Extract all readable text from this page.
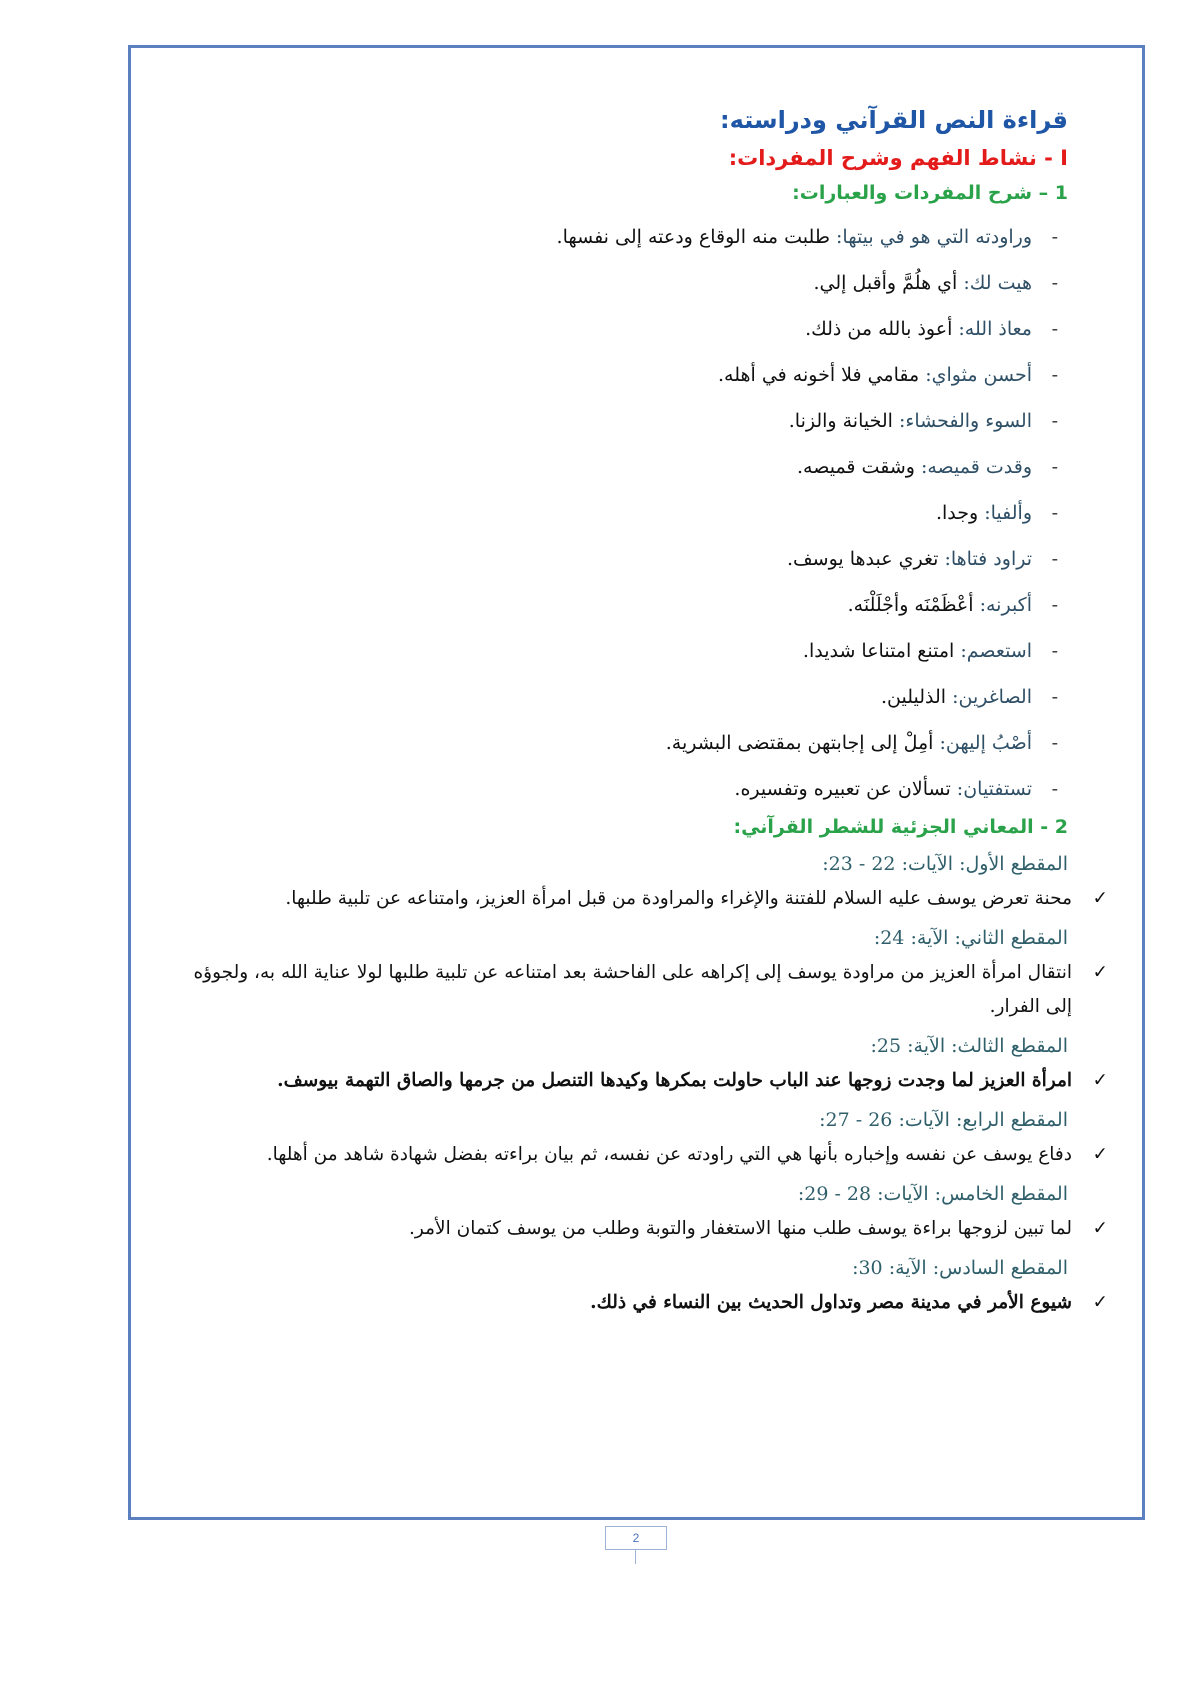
قراءة النص القرآني ودراسته:
I - نشاط الفهم وشرح المفردات:
1 – شرح المفردات والعبارات:
-
وراودته التي هو في بيتها: طلبت منه الوقاع ودعته إلى نفسها.
-
هيت لك: أي هلُمَّ وأقبل إلي.
-
معاذ الله: أعوذ بالله من ذلك.
-
أحسن مثواي: مقامي فلا أخونه في أهله.
-
السوء والفحشاء: الخيانة والزنا.
-
وقدت قميصه: وشقت قميصه.
-
وألفيا: وجدا.
-
تراود فتاها: تغري عبدها يوسف.
-
أكبرنه: أعْظَمْنَه وأجْلَلْنَه.
-
استعصم: امتنع امتناعا شديدا.
-
الصاغرين: الذليلين.
-
أصْبُ إليهن: أمِلْ إلى إجابتهن بمقتضى البشرية.
-
تستفتيان: تسألان عن تعبيره وتفسيره.
2 - المعاني الجزئية للشطر القرآني:
المقطع الأول: الآيات: 22 - 23:
✓
محنة تعرض يوسف عليه السلام للفتنة والإغراء والمراودة من قبل امرأة العزيز، وامتناعه عن تلبية طلبها.
المقطع الثاني: الآية: 24:
✓
انتقال امرأة العزيز من مراودة يوسف إلى إكراهه على الفاحشة بعد امتناعه عن تلبية طلبها لولا عناية الله به، ولجوؤه إلى الفرار.
المقطع الثالث: الآية: 25:
✓
امرأة العزيز لما وجدت زوجها عند الباب حاولت بمكرها وكيدها التنصل من جرمها والصاق التهمة بيوسف.
المقطع الرابع: الآيات: 26 - 27:
✓
دفاع يوسف عن نفسه وإخباره بأنها هي التي راودته عن نفسه، ثم بيان براءته بفضل شهادة شاهد من أهلها.
المقطع الخامس: الآيات: 28 - 29:
✓
لما تبين لزوجها براءة يوسف طلب منها الاستغفار والتوبة وطلب من يوسف كتمان الأمر.
المقطع السادس: الآية: 30:
✓
شيوع الأمر في مدينة مصر وتداول الحديث بين النساء في ذلك.
2
